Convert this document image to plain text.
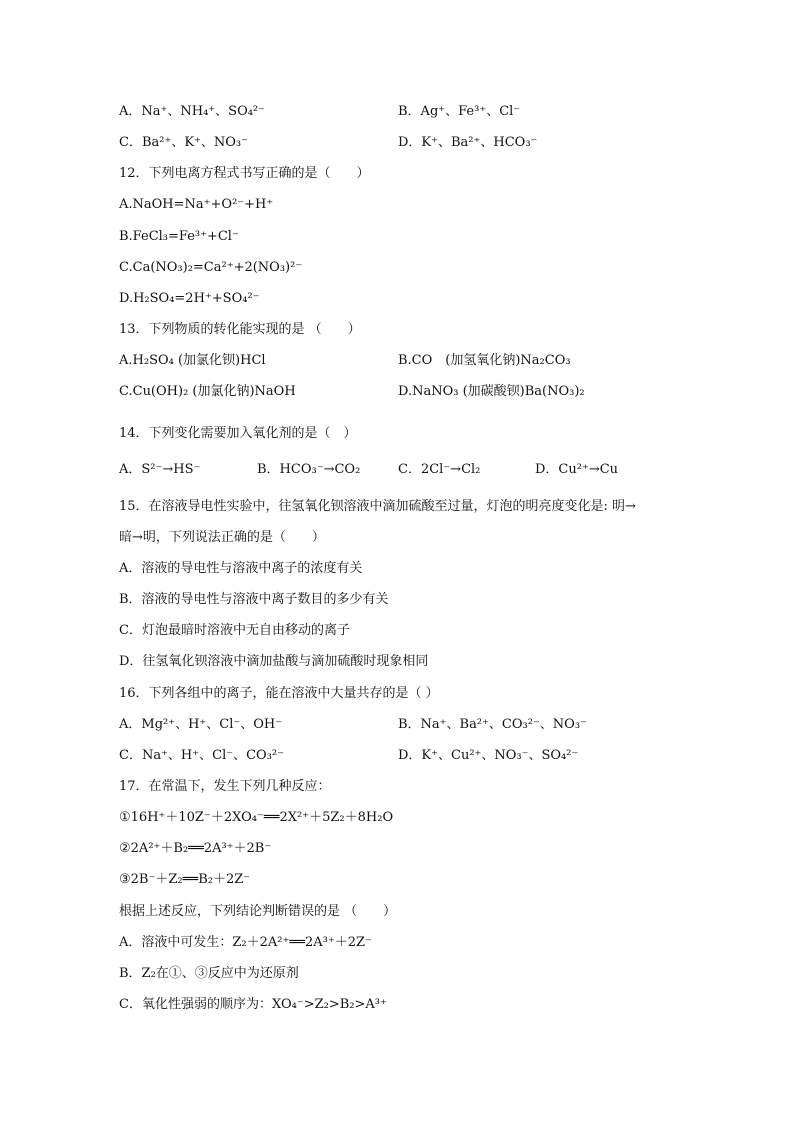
A．Na⁺、NH₄⁺、SO₄²⁻	B．Ag⁺、Fe³⁺、Cl⁻
C．Ba²⁺、K⁺、NO₃⁻	D．K⁺、Ba²⁺、HCO₃⁻
12．下列电离方程式书写正确的是（　　）
A.NaOH=Na⁺+O²⁻+H⁺
B.FeCl₃=Fe³⁺+Cl⁻
C.Ca(NO₃)₂=Ca²⁺+2(NO₃)²⁻
D.H₂SO₄=2H⁺+SO₄²⁻
13．下列物质的转化能实现的是 （　　）
A.H₂SO₄ (加氯化钡)HCl	B.CO　(加氢氧化钠)Na₂CO₃
C.Cu(OH)₂ (加氯化钠)NaOH	D.NaNO₃ (加碳酸钡)Ba(NO₃)₂
14．下列变化需要加入氧化剂的是（　）
A．S²⁻→HS⁻	B．HCO₃⁻→CO₂	C．2Cl⁻→Cl₂	D．Cu²⁺→Cu
15．在溶液导电性实验中，往氢氧化钡溶液中滴加硫酸至过量，灯泡的明亮度变化是: 明→
暗→明，下列说法正确的是（　　）
A．溶液的导电性与溶液中离子的浓度有关
B．溶液的导电性与溶液中离子数目的多少有关
C．灯泡最暗时溶液中无自由移动的离子
D．往氢氧化钡溶液中滴加盐酸与滴加硫酸时现象相同
16．下列各组中的离子，能在溶液中大量共存的是（ ）
A．Mg²⁺、H⁺、Cl⁻、OH⁻	B．Na⁺、Ba²⁺、CO₃²⁻、NO₃⁻
C．Na⁺、H⁺、Cl⁻、CO₃²⁻	D．K⁺、Cu²⁺、NO₃⁻、SO₄²⁻
17．在常温下，发生下列几种反应：
①16H⁺＋10Z⁻＋2XO₄⁻══2X²⁺＋5Z₂＋8H₂O
②2A²⁺＋B₂══2A³⁺＋2B⁻
③2B⁻＋Z₂══B₂＋2Z⁻
根据上述反应，下列结论判断错误的是 （　　）
A．溶液中可发生：Z₂＋2A²⁺══2A³⁺＋2Z⁻
B．Z₂在①、③反应中为还原剂
C．氧化性强弱的顺序为：XO₄⁻>Z₂>B₂>A³⁺
